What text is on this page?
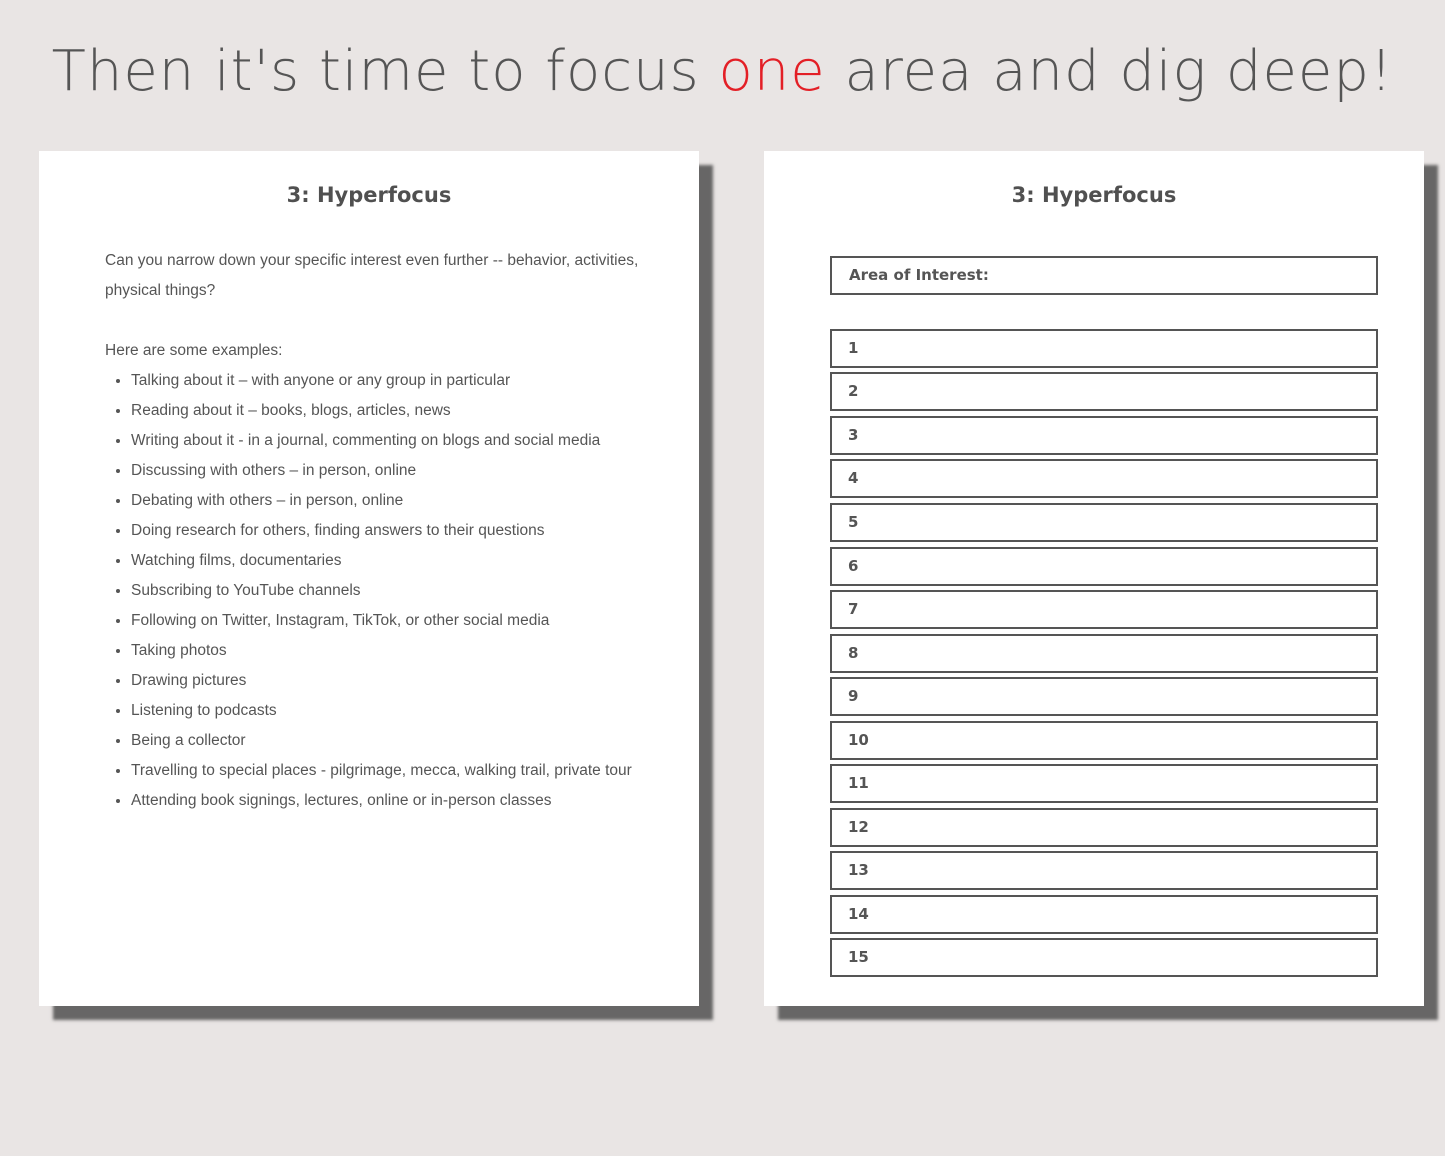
Then it's time to focus one area and dig deep!
3: Hyperfocus

Can you narrow down your specific interest even further -- behavior, activities, physical things?

Here are some examples:

• Talking about it – with anyone or any group in particular
• Reading about it – books, blogs, articles, news
• Writing about it - in a journal, commenting on blogs and social media
• Discussing with others – in person, online
• Debating with others – in person, online
• Doing research for others, finding answers to their questions
• Watching films, documentaries
• Subscribing to YouTube channels
• Following on Twitter, Instagram, TikTok, or other social media
• Taking photos
• Drawing pictures
• Listening to podcasts
• Being a collector
• Travelling to special places - pilgrimage, mecca, walking trail, private tour
• Attending book signings, lectures, online or in-person classes
3: Hyperfocus
Area of Interest:
1
2
3
4
5
6
7
8
9
10
11
12
13
14
15
